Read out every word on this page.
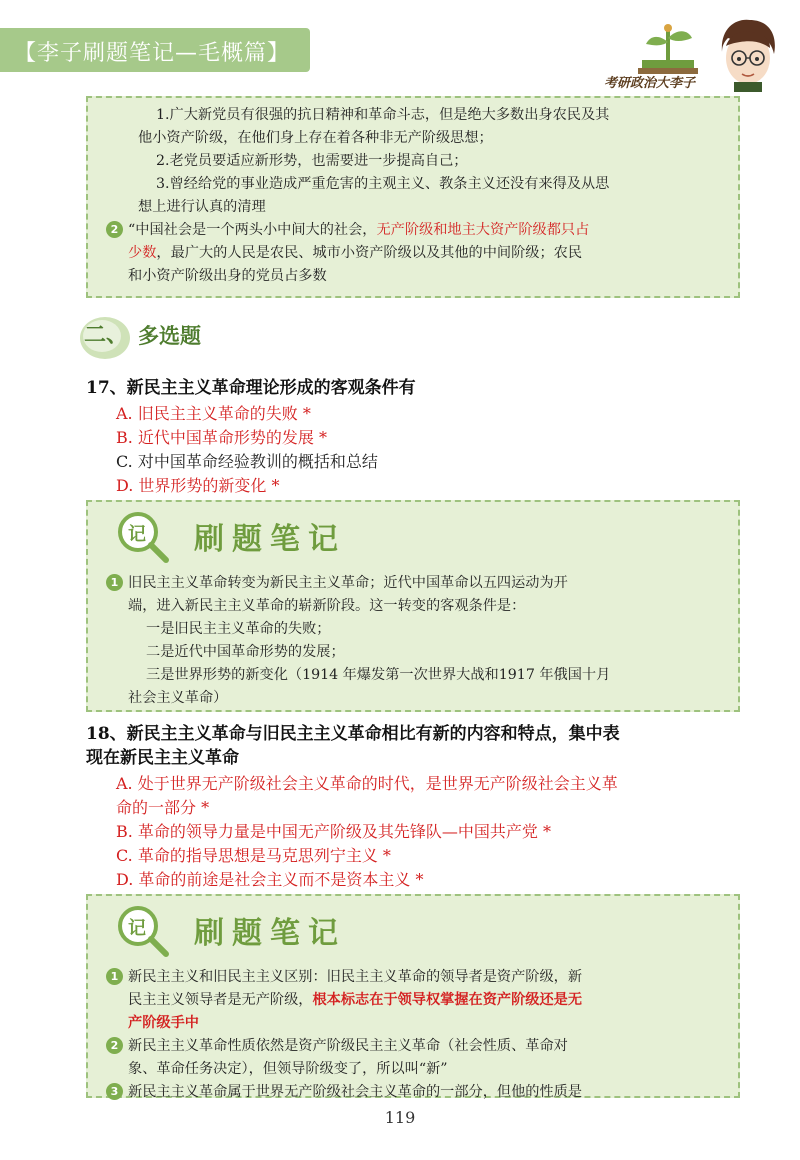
【李子刷题笔记—毛概篇】
考研政治大李子

1.广大新党员有很强的抗日精神和革命斗志，但是绝大多数出身农民及其

他小资产阶级，在他们身上存在着各种非无产阶级思想；

2.老党员要适应新形势，也需要进一步提高自己；

3.曾经给党的事业造成严重危害的主观主义、教条主义还没有来得及从思

想上进行认真的清理

2 “中国社会是一个两头小中间大的社会，无产阶级和地主大资产阶级都只占

少数，最广大的人民是农民、城市小资产阶级以及其他的中间阶级；农民

和小资产阶级出身的党员占多数

二、 多选题
17、新民主主义革命理论形成的客观条件有
A. 旧民主主义革命的失败 *
B. 近代中国革命形势的发展 *
C. 对中国革命经验教训的概括和总结
D. 世界形势的新变化 *
记 刷题笔记

1 旧民主主义革命转变为新民主主义革命；近代中国革命以五四运动为开

端，进入新民主主义革命的崭新阶段。这一转变的客观条件是：

一是旧民主主义革命的失败；

二是近代中国革命形势的发展；

三是世界形势的新变化（1914 年爆发第一次世界大战和1917 年俄国十月

社会主义革命）

18、新民主主义革命与旧民主主义革命相比有新的内容和特点，集中表
现在新民主主义革命
A. 处于世界无产阶级社会主义革命的时代，是世界无产阶级社会主义革
命的一部分 *
B. 革命的领导力量是中国无产阶级及其先锋队—中国共产党 *
C. 革命的指导思想是马克思列宁主义 *
D. 革命的前途是社会主义而不是资本主义 *
记 刷题笔记

1 新民主主义和旧民主主义区别：旧民主主义革命的领导者是资产阶级，新

民主主义领导者是无产阶级，根本标志在于领导权掌握在资产阶级还是无

产阶级手中

2 新民主主义革命性质依然是资产阶级民主主义革命（社会性质、革命对

象、革命任务决定），但领导阶级变了，所以叫“新”

3 新民主主义革命属于世界无产阶级社会主义革命的一部分，但他的性质是

119
